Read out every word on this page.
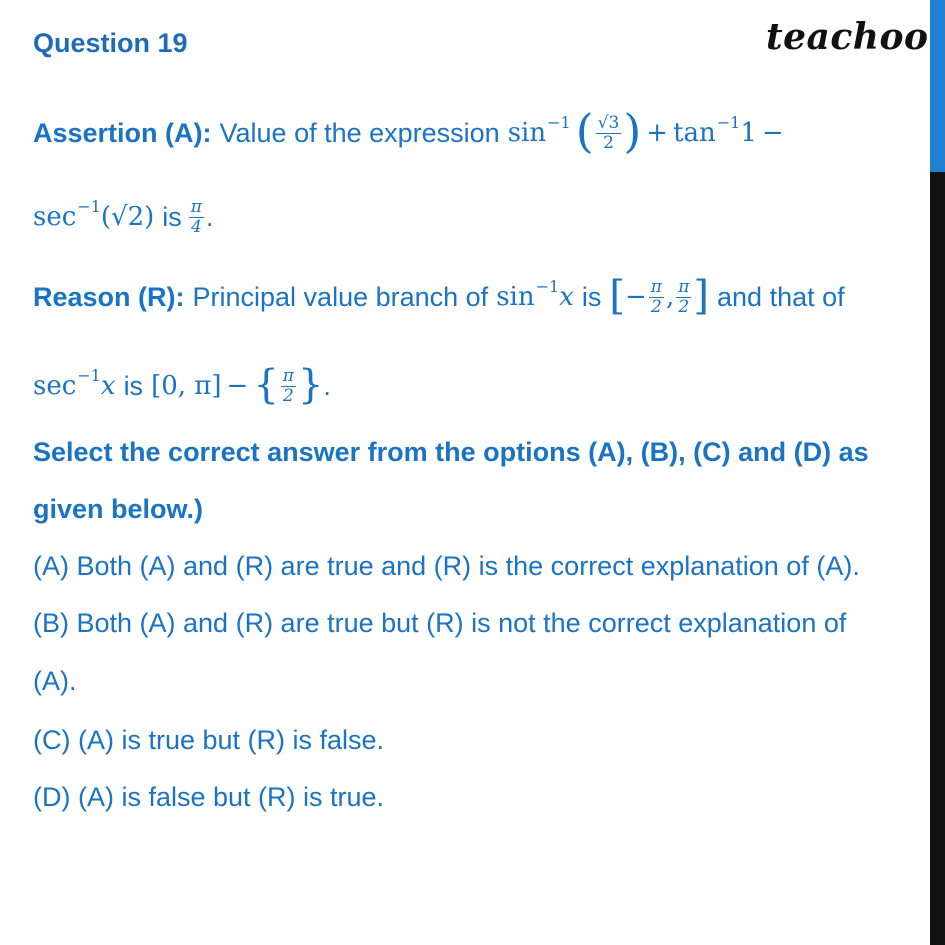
Question 19	teachoo
Assertion (A): Value of the expression sin −1 ( $\frac{√3}{2}$ ) + tan −1 1 −
sec −1 (√2) is $\frac{\pi}{4}$ .
Reason (R): Principal value branch of sin −1 x is [ − $\frac{\pi}{2}$ , $\frac{\pi}{2}$ ] and that of
sec −1 x is [0, π] − { $\frac{\pi}{2}$ } .
Select the correct answer from the options (A), (B), (C) and (D) as
given below.)
(A) Both (A) and (R) are true and (R) is the correct explanation of (A).
(B) Both (A) and (R) are true but (R) is not the correct explanation of
(A).
(C) (A) is true but (R) is false.
(D) (A) is false but (R) is true.
